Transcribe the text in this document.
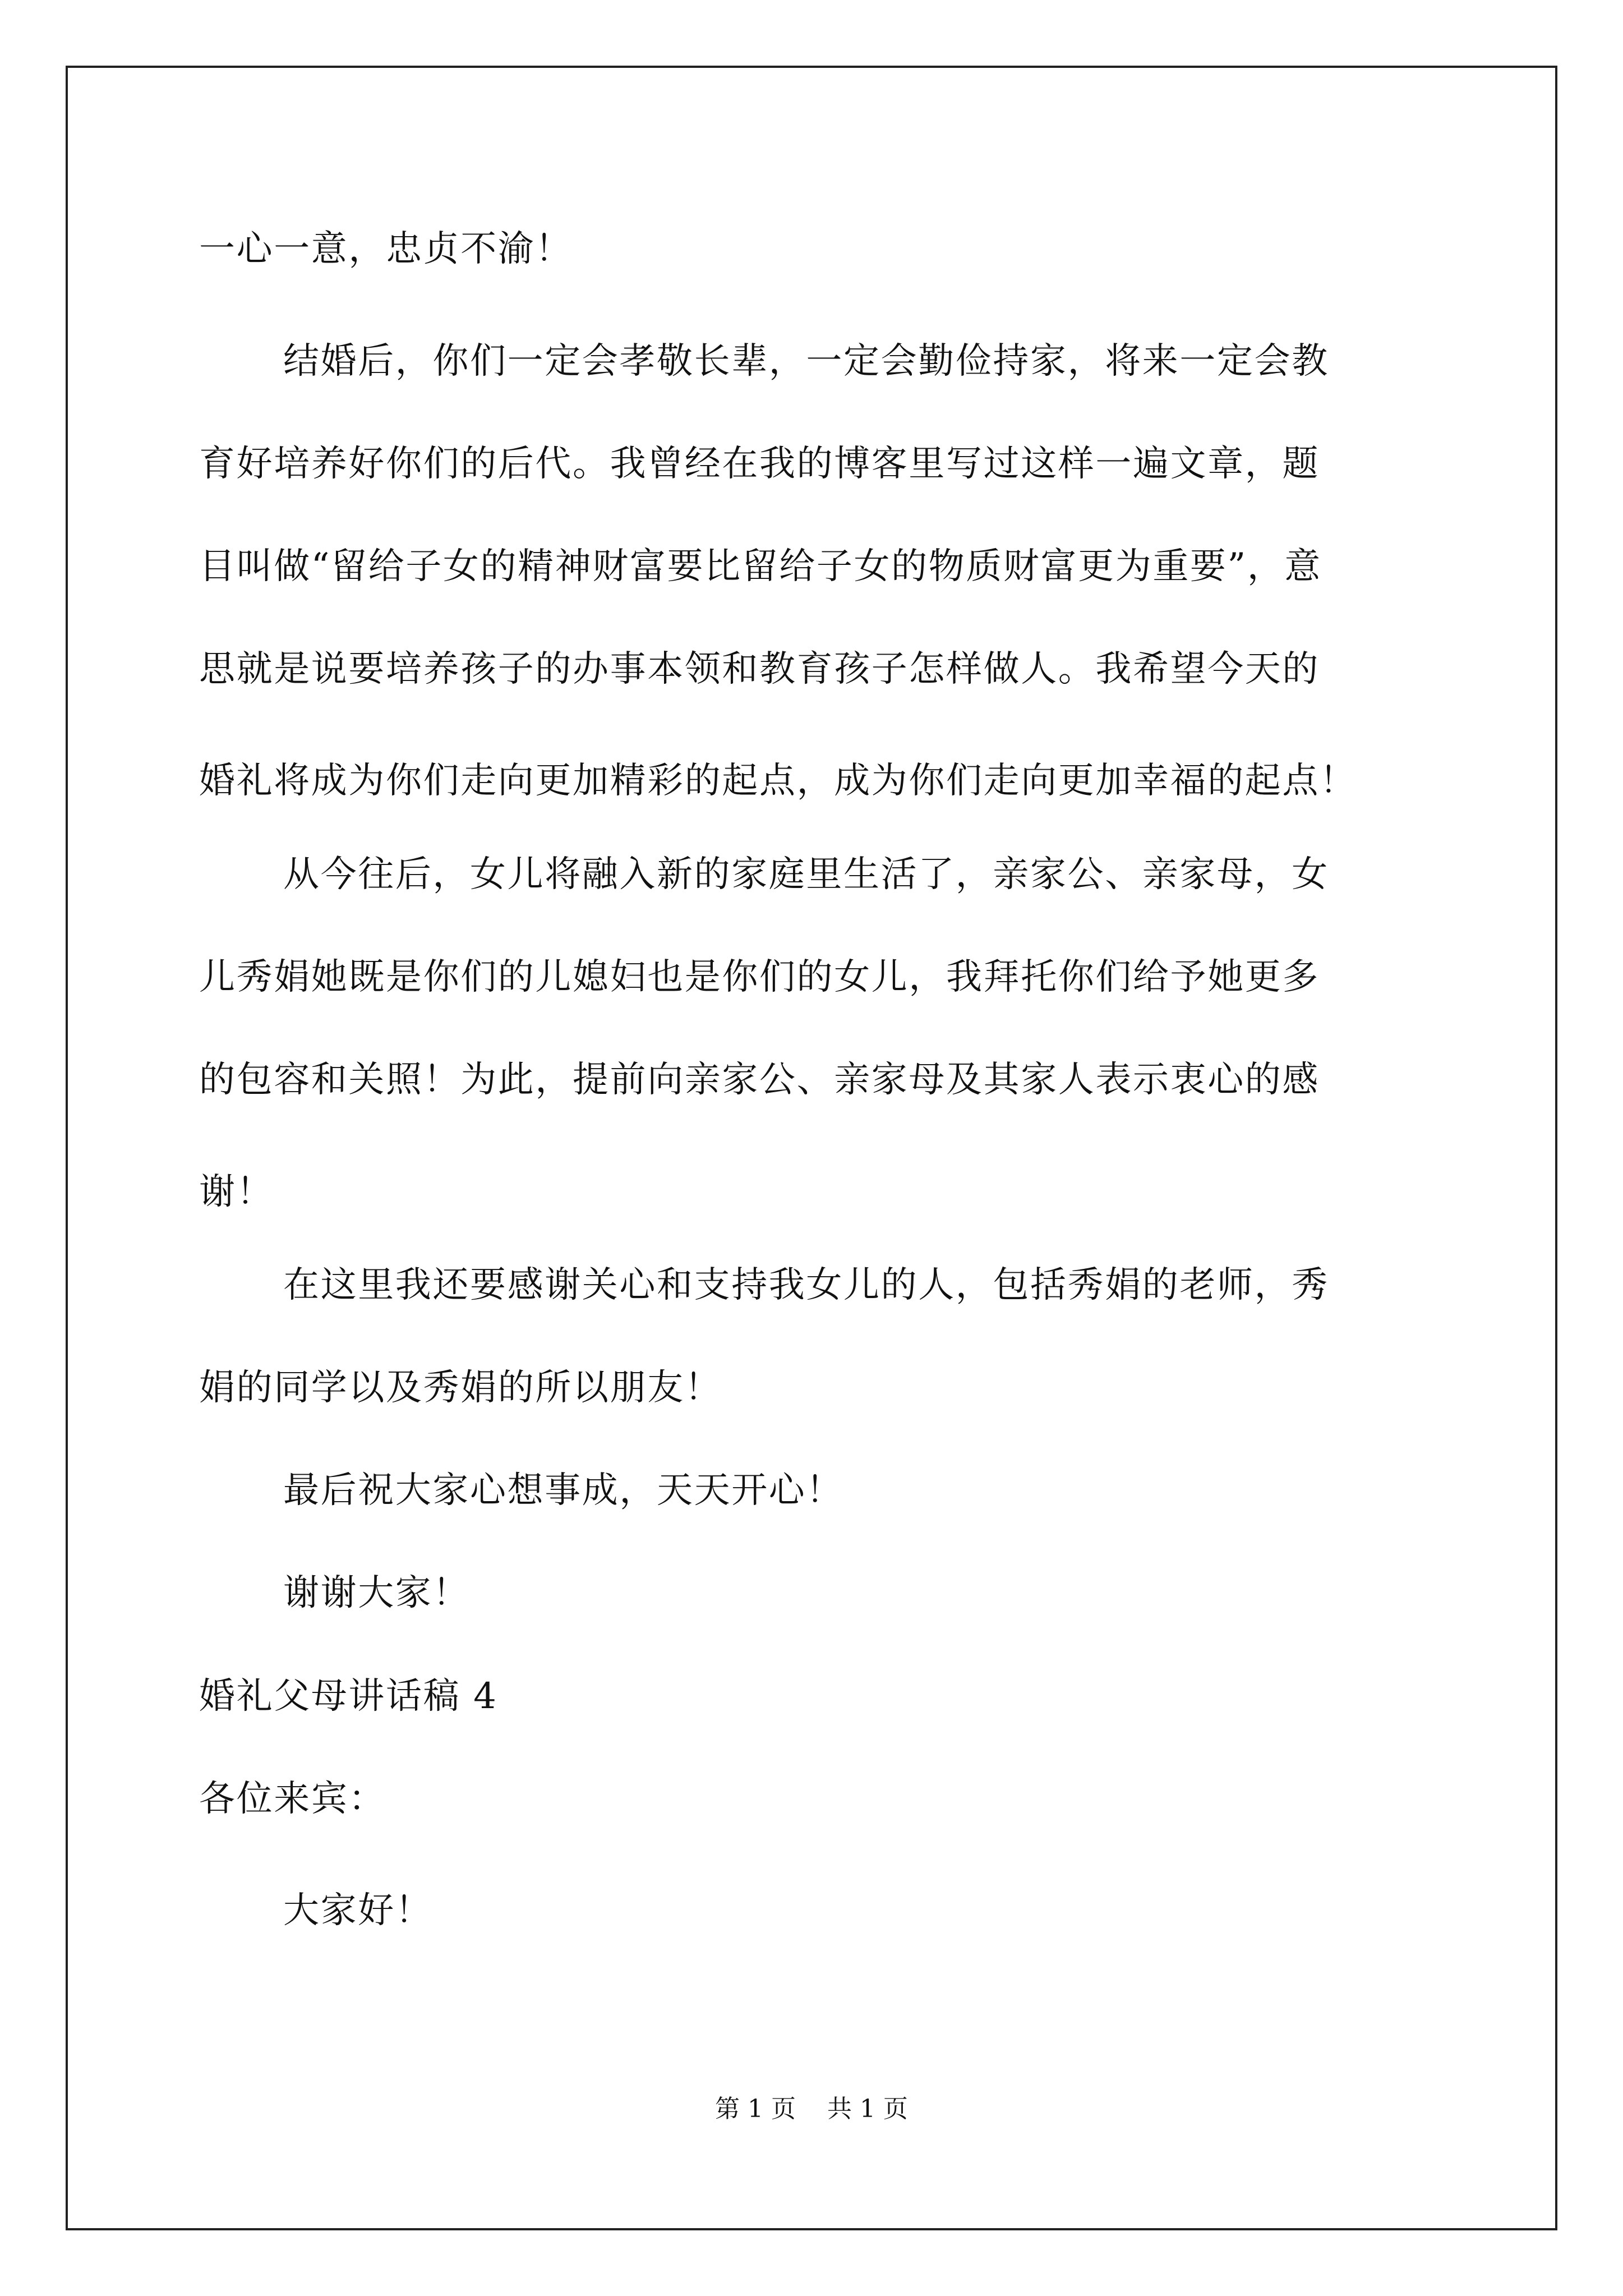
一心一意，忠贞不渝！
结婚后，你们一定会孝敬长辈，一定会勤俭持家，将来一定会教
育好培养好你们的后代。我曾经在我的博客里写过这样一遍文章，题
目叫做“留给子女的精神财富要比留给子女的物质财富更为重要”，意
思就是说要培养孩子的办事本领和教育孩子怎样做人。我希望今天的
婚礼将成为你们走向更加精彩的起点，成为你们走向更加幸福的起点！
从今往后，女儿将融入新的家庭里生活了，亲家公、亲家母，女
儿秀娟她既是你们的儿媳妇也是你们的女儿，我拜托你们给予她更多
的包容和关照！为此，提前向亲家公、亲家母及其家人表示衷心的感
谢！
在这里我还要感谢关心和支持我女儿的人，包括秀娟的老师，秀
娟的同学以及秀娟的所以朋友！
最后祝大家心想事成，天天开心！
谢谢大家！
婚礼父母讲话稿 4
各位来宾：
大家好！
第 1 页    共 1 页
